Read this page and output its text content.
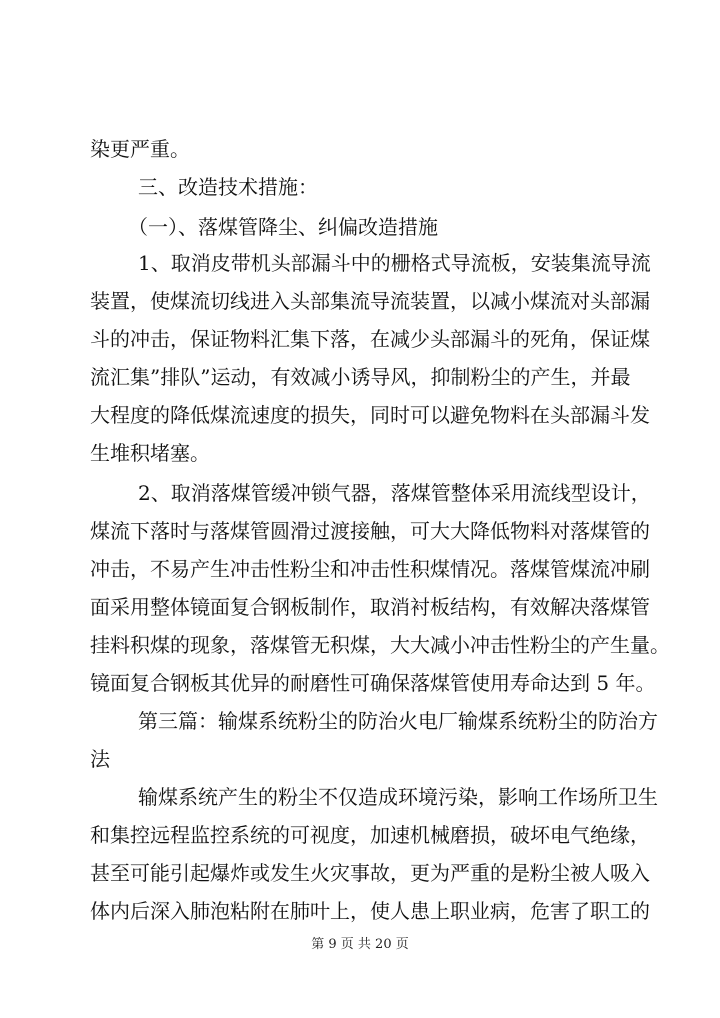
染更严重。
三、改造技术措施：
（一）、落煤管降尘、纠偏改造措施
1、取消皮带机头部漏斗中的栅格式导流板，安装集流导流
装置，使煤流切线进入头部集流导流装置，以减小煤流对头部漏
斗的冲击，保证物料汇集下落，在减少头部漏斗的死角，保证煤
流汇集”排队”运动，有效减小诱导风，抑制粉尘的产生，并最
大程度的降低煤流速度的损失，同时可以避免物料在头部漏斗发
生堆积堵塞。
2、取消落煤管缓冲锁气器，落煤管整体采用流线型设计，
煤流下落时与落煤管圆滑过渡接触，可大大降低物料对落煤管的
冲击，不易产生冲击性粉尘和冲击性积煤情况。落煤管煤流冲刷
面采用整体镜面复合钢板制作，取消衬板结构，有效解决落煤管
挂料积煤的现象，落煤管无积煤，大大减小冲击性粉尘的产生量。
镜面复合钢板其优异的耐磨性可确保落煤管使用寿命达到 5 年。
第三篇：输煤系统粉尘的防治火电厂输煤系统粉尘的防治方
法
输煤系统产生的粉尘不仅造成环境污染，影响工作场所卫生
和集控远程监控系统的可视度，加速机械磨损，破坏电气绝缘，
甚至可能引起爆炸或发生火灾事故，更为严重的是粉尘被人吸入
体内后深入肺泡粘附在肺叶上，使人患上职业病，危害了职工的
第 9 页 共 20 页
